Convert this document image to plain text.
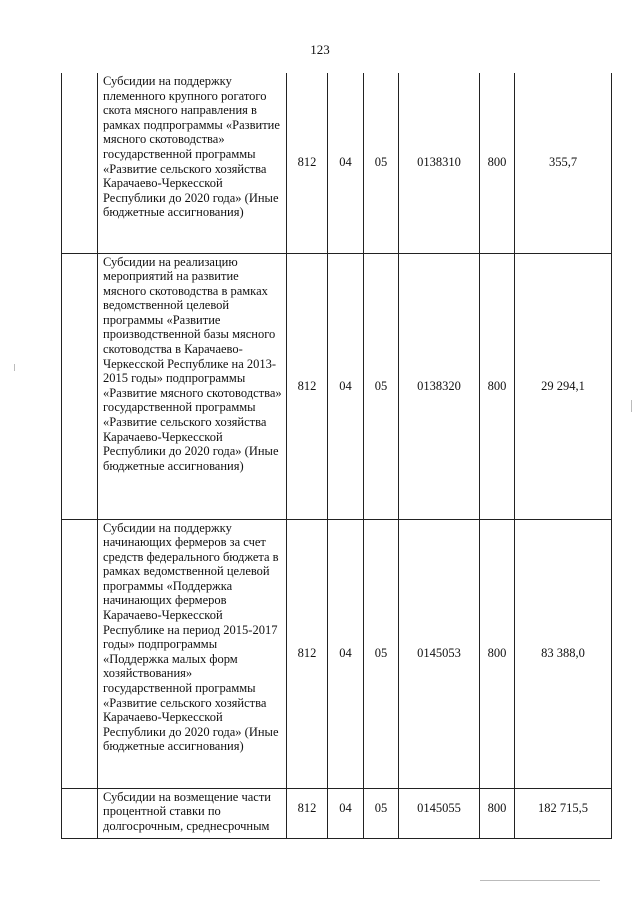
123
	Субсидии на поддержку племенного крупного рогатого скота мясного направления в рамках подпрограммы «Развитие мясного скотоводства» государственной программы «Развитие сельского хозяйства Карачаево-Черкесской Республики до 2020 года» (Иные бюджетные ассигнования)	812	04	05	0138310	800	355,7
	Субсидии на реализацию мероприятий на развитие мясного скотоводства в рамках ведомственной целевой программы «Развитие производственной базы мясного скотоводства в Карачаево-Черкесской Республике на 2013-2015 годы» подпрограммы «Развитие мясного скотоводства» государственной программы «Развитие сельского хозяйства Карачаево-Черкесской Республики до 2020 года» (Иные бюджетные ассигнования)	812	04	05	0138320	800	29 294,1
	Субсидии на поддержку начинающих фермеров за счет средств федерального бюджета в рамках ведомственной целевой программы «Поддержка начинающих фермеров Карачаево-Черкесской Республике на период 2015-2017 годы» подпрограммы «Поддержка малых форм хозяйствования» государственной программы «Развитие сельского хозяйства Карачаево-Черкесской Республики до 2020 года» (Иные бюджетные ассигнования)	812	04	05	0145053	800	83 388,0
	Субсидии на возмещение части процентной ставки по долгосрочным, среднесрочным	812	04	05	0145055	800	182 715,5
